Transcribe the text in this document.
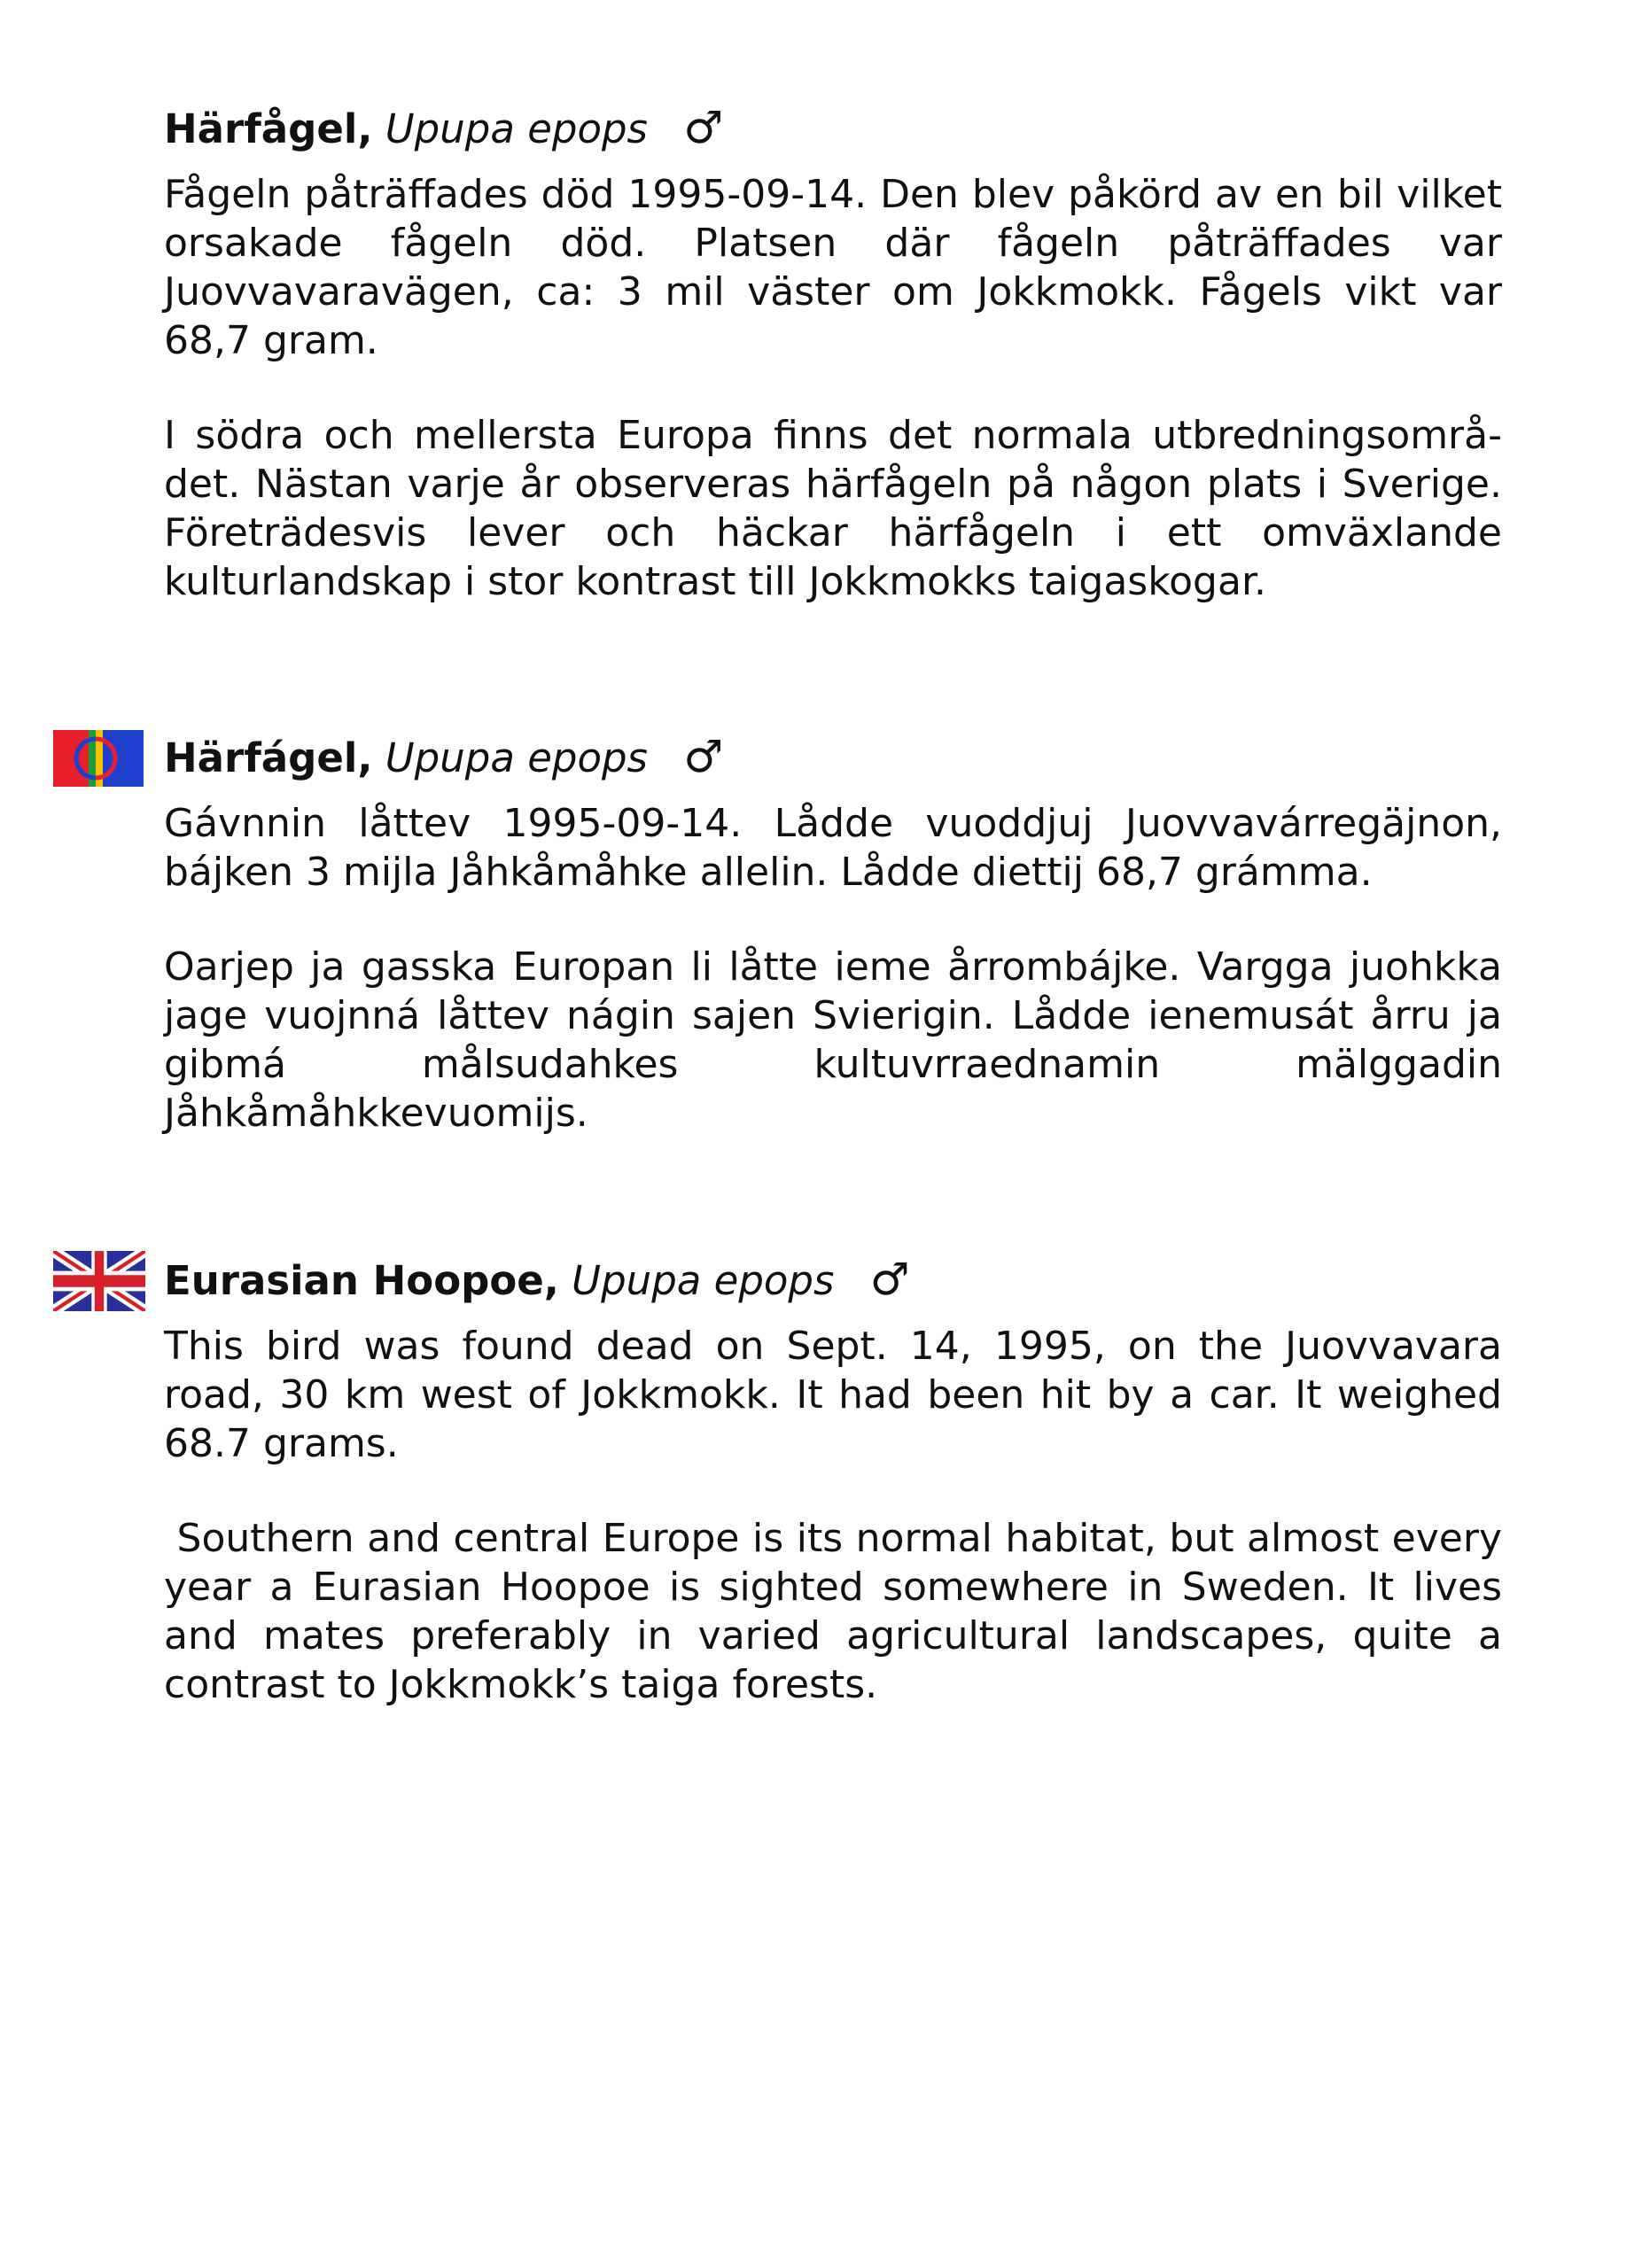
Härfågel, Upupa epops ♂

Fågeln påträffades död 1995-09-14. Den blev påkörd av en bil vilket orsakade fågeln död. Platsen där fågeln påträffades var Juovvavaravägen, ca: 3 mil väster om Jokkmokk. Fågels vikt var 68,7 gram.

I södra och mellersta Europa finns det normala utbredningsområdet. Nästan varje år observeras härfågeln på någon plats i Sverige. Företrädesvis lever och häckar härfågeln i ett omväxlande kulturlandskap i stor kontrast till Jokkmokks taigaskogar.

Härfágel, Upupa epops ♂

Gávnnin låttev 1995-09-14. Lådde vuoddjuj Juovvavárregäjnon, bájken 3 mijla Jåhkåmåhke allelin. Lådde diettij 68,7 grámma.

Oarjep ja gasska Europan li låtte ieme årrombájke. Vargga juohkka jage vuojnná låttev nágin sajen Svierigin. Lådde ienemusát årru ja gibmá målsudahkes kultuvrraednamin mälggadin Jåhkåmåhkkevuomijs.

Eurasian Hoopoe, Upupa epops ♂

This bird was found dead on Sept. 14, 1995, on the Juovvavara road, 30 km west of Jokkmokk. It had been hit by a car. It weighed 68.7 grams.

Southern and central Europe is its normal habitat, but almost every year a Eurasian Hoopoe is sighted somewhere in Sweden. It lives and mates preferably in varied agricultural landscapes, quite a contrast to Jokkmokk’s taiga forests.
